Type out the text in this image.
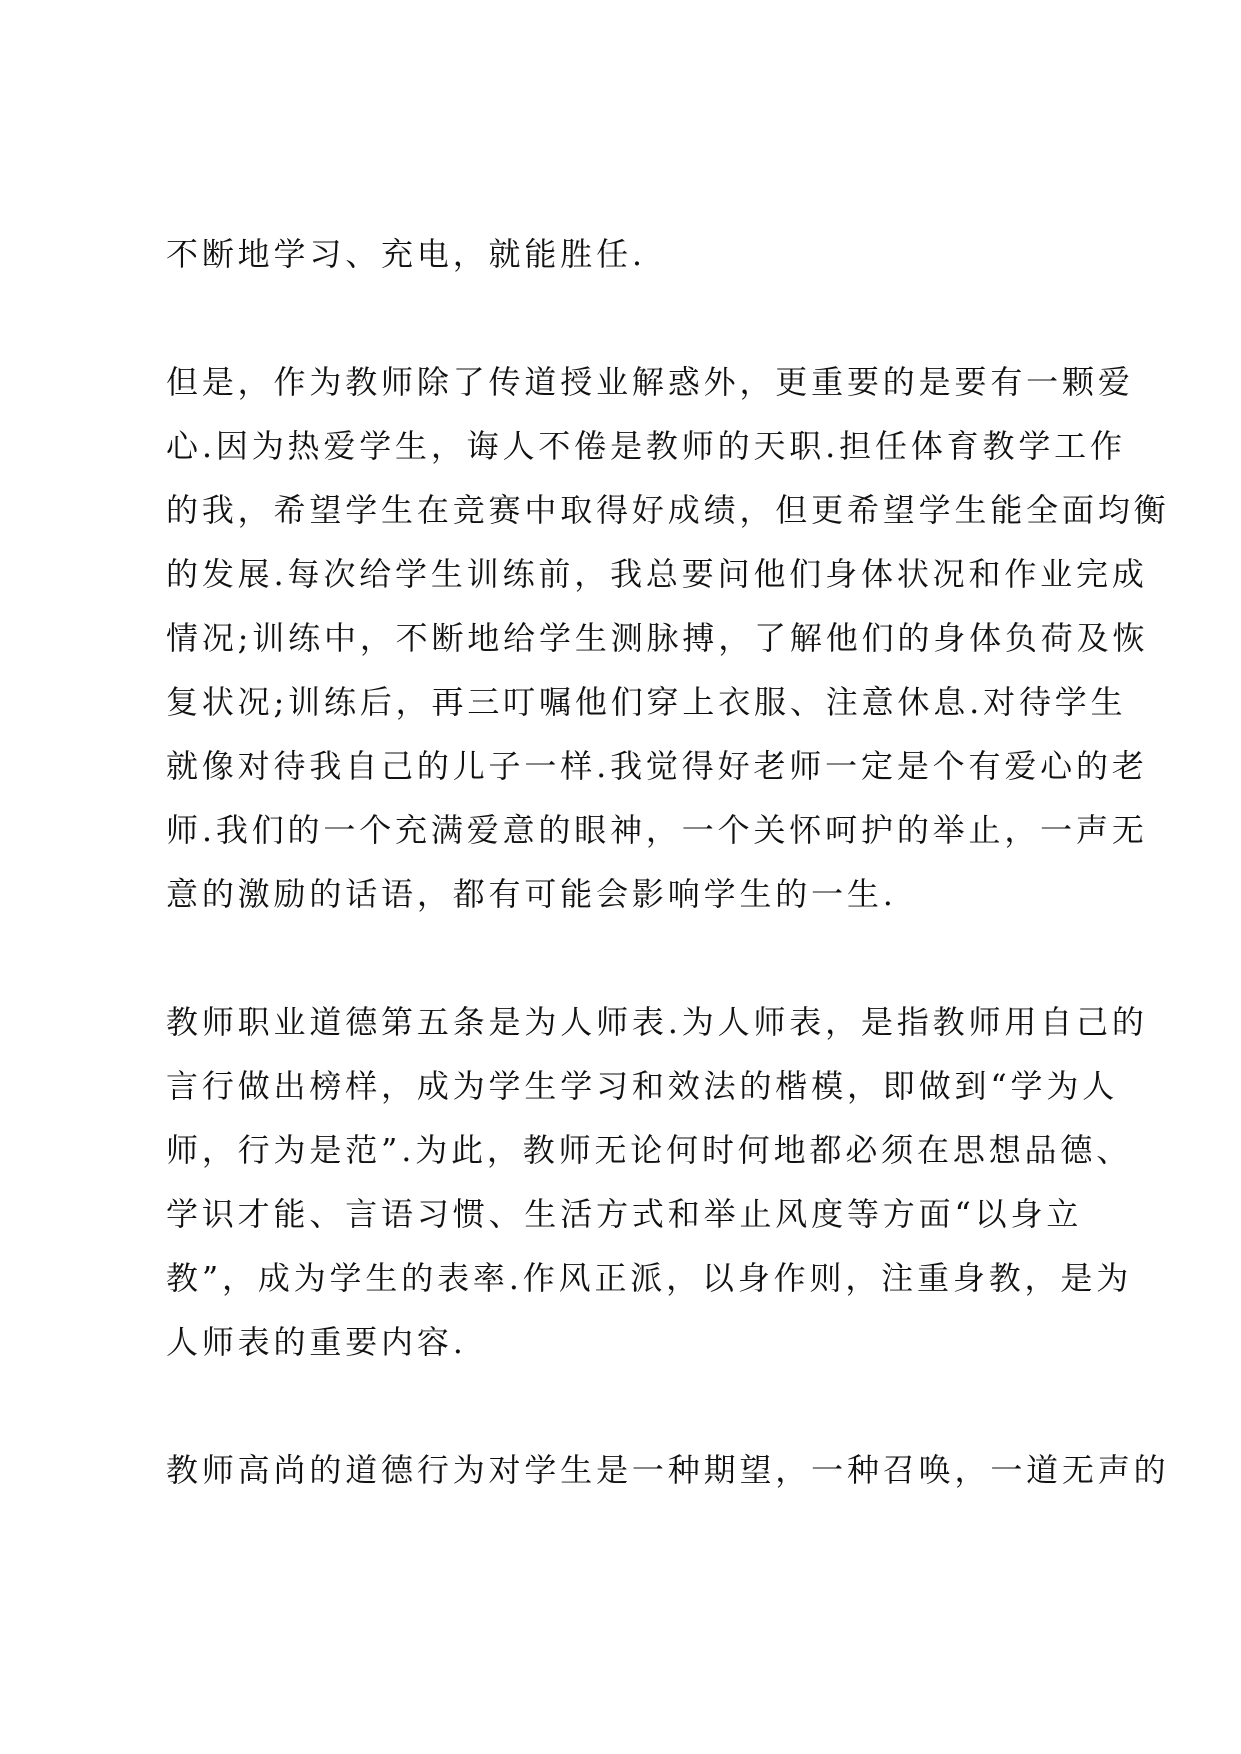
不断地学习、充电，就能胜任.
但是，作为教师除了传道授业解惑外，更重要的是要有一颗爱
心.因为热爱学生，诲人不倦是教师的天职.担任体育教学工作
的我，希望学生在竞赛中取得好成绩，但更希望学生能全面均衡
的发展.每次给学生训练前，我总要问他们身体状况和作业完成
情况;训练中，不断地给学生测脉搏，了解他们的身体负荷及恢
复状况;训练后，再三叮嘱他们穿上衣服、注意休息.对待学生
就像对待我自己的儿子一样.我觉得好老师一定是个有爱心的老
师.我们的一个充满爱意的眼神，一个关怀呵护的举止，一声无
意的激励的话语，都有可能会影响学生的一生.
教师职业道德第五条是为人师表.为人师表，是指教师用自己的
言行做出榜样，成为学生学习和效法的楷模，即做到“学为人
师，行为是范”.为此，教师无论何时何地都必须在思想品德、
学识才能、言语习惯、生活方式和举止风度等方面“以身立
教”，成为学生的表率.作风正派，以身作则，注重身教，是为
人师表的重要内容.
教师高尚的道德行为对学生是一种期望，一种召唤，一道无声的
